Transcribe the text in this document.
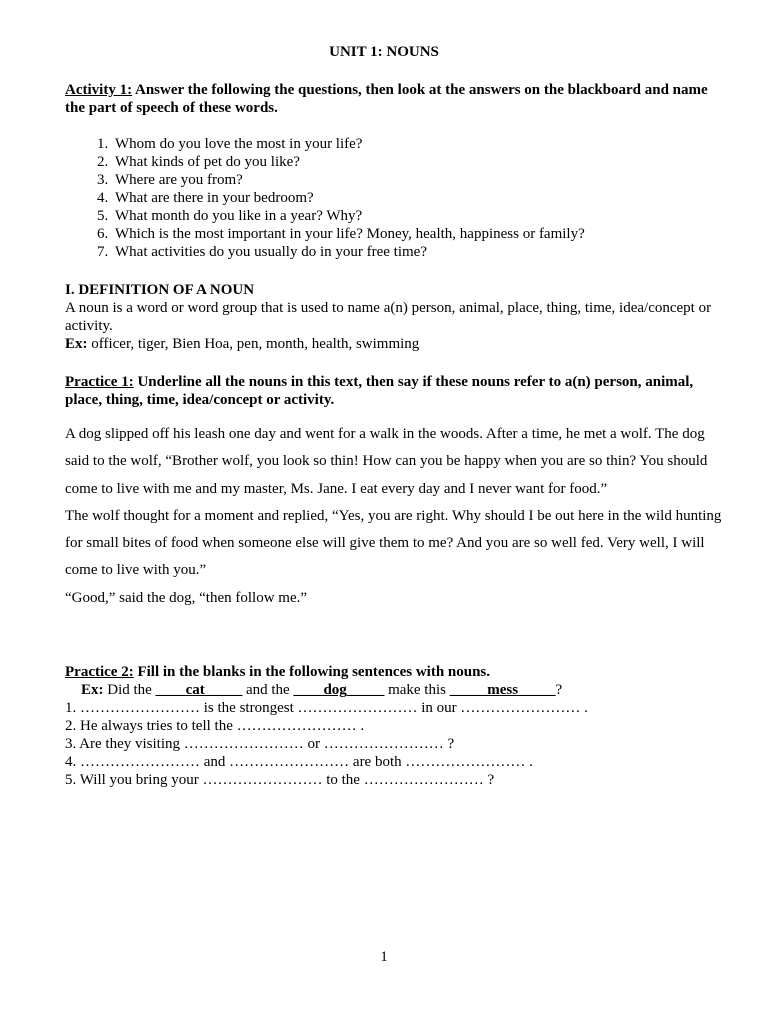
UNIT 1: NOUNS
Activity 1: Answer the following the questions, then look at the answers on the blackboard and name the part of speech of these words.
1. Whom do you love the most in your life?
2. What kinds of pet do you like?
3. Where are you from?
4. What are there in your bedroom?
5. What month do you like in a year? Why?
6. Which is the most important in your life? Money, health, happiness or family?
7. What activities do you usually do in your free time?
I. DEFINITION OF A NOUN
A noun is a word or word group that is used to name a(n) person, animal, place, thing, time, idea/concept or activity.
Ex: officer, tiger, Bien Hoa, pen, month, health, swimming
Practice 1: Underline all the nouns in this text, then say if these nouns refer to a(n) person, animal, place, thing, time, idea/concept or activity.

A dog slipped off his leash one day and went for a walk in the woods. After a time, he met a wolf. The dog said to the wolf, “Brother wolf, you look so thin! How can you be happy when you are so thin? You should come to live with me and my master, Ms. Jane. I eat every day and I never want for food.”

The wolf thought for a moment and replied, “Yes, you are right. Why should I be out here in the wild hunting for small bites of food when someone else will give them to me? And you are so well fed. Very well, I will come to live with you.”

“Good,” said the dog, “then follow me.”

Practice 2: Fill in the blanks in the following sentences with nouns.
Ex: Did the ____cat_____ and the ____dog_____ make this _____mess_____?
1. …………………… is the strongest …………………… in our …………………… .
2. He always tries to tell the …………………… .
3. Are they visiting …………………… or …………………… ?
4. …………………… and …………………… are both …………………… .
5. Will you bring your …………………… to the …………………… ?
1
